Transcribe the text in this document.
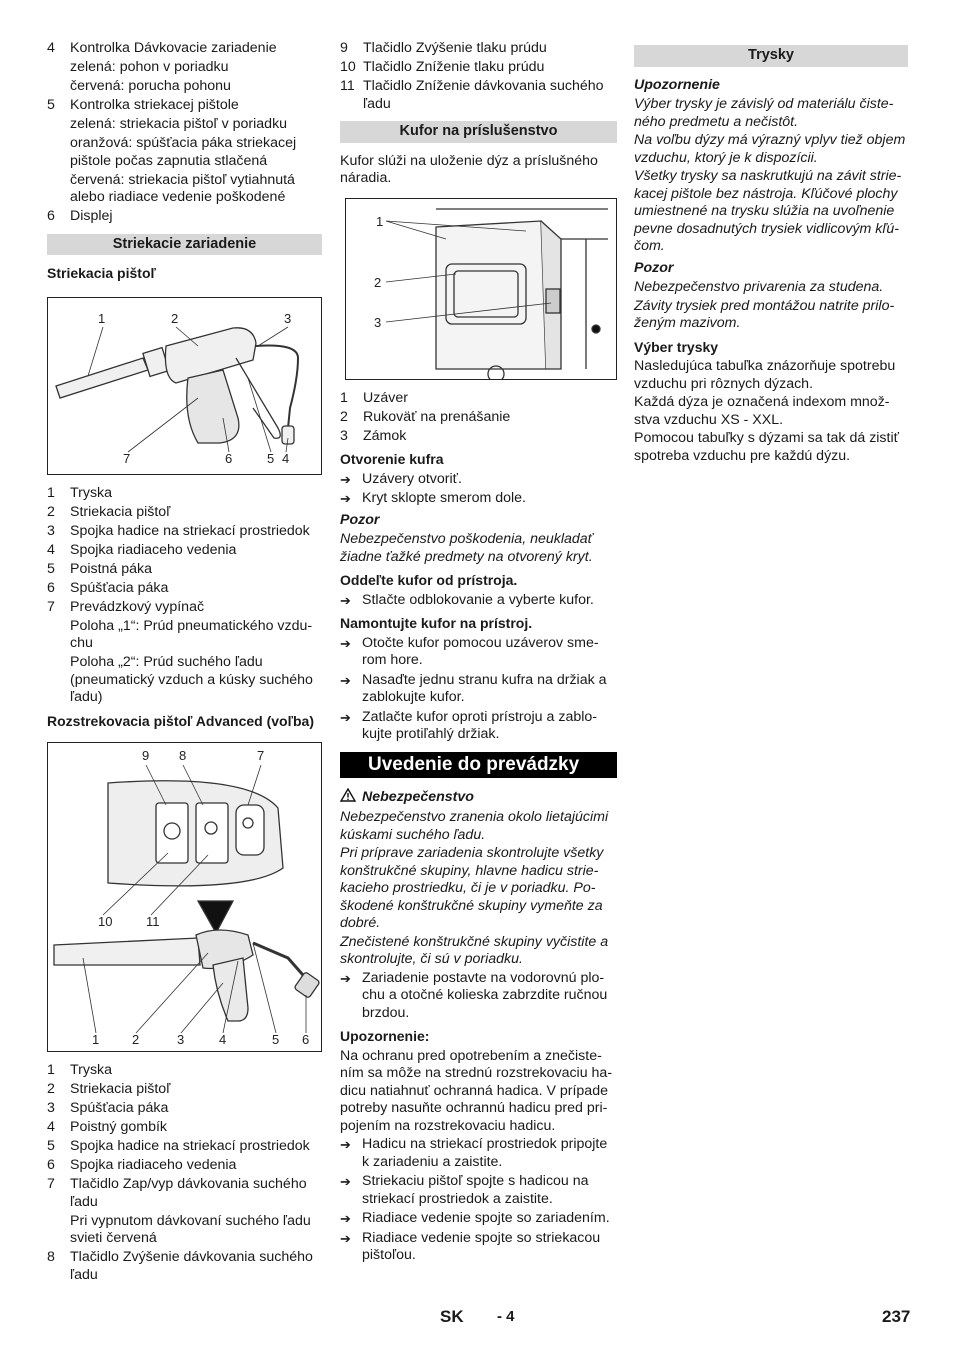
4	Kontrolka Dávkovacie zariadenie
zelená: pohon v poriadku
červená: porucha pohonu
5	Kontrolka striekacej pištole
zelená: striekacia pištoľ v poriadku
oranžová: spúšťacia páka striekacej pištole počas zapnutia stlačená
červená: striekacia pištoľ vytiahnutá alebo riadiace vedenie poškodené
6	Displej
Striekacie zariadenie
Striekacia pištoľ
1	2	3
7	6	5 4
1	Tryska
2	Striekacia pištoľ
3	Spojka hadice na striekací prostriedok
4	Spojka riadiaceho vedenia
5	Poistná páka
6	Spúšťacia páka
7	Prevádzkový vypínač
Poloha „1“: Prúd pneumatického vzdu-chu
Poloha „2“: Prúd suchého ľadu (pneumatický vzduch a kúsky suchého ľadu)
Rozstrekovacia pištoľ Advanced (voľba)
9 8	7
10	11
1	2	3	4	5 6
1	Tryska
2	Striekacia pištoľ
3	Spúšťacia páka
4	Poistný gombík
5	Spojka hadice na striekací prostriedok
6	Spojka riadiaceho vedenia
7	Tlačidlo Zap/vyp dávkovania suchého ľadu
Pri vypnutom dávkovaní suchého ľadu svieti červená
8	Tlačidlo Zvýšenie dávkovania suchého ľadu
9	Tlačidlo Zvýšenie tlaku prúdu
10 Tlačidlo Zníženie tlaku prúdu
11 Tlačidlo Zníženie dávkovania suchého ľadu
Kufor na príslušenstvo
Kufor slúži na uloženie dýz a príslušného náradia.
1
2
3
1	Uzáver
2	Rukoväť na prenášanie
3	Zámok
Otvorenie kufra
➔ Uzávery otvoriť.
➔ Kryt sklopte smerom dole.
Pozor
Nebezpečenstvo poškodenia, neukladať žiadne ťažké predmety na otvorený kryt.
Oddeľte kufor od prístroja.
➔ Stlačte odblokovanie a vyberte kufor.
Namontujte kufor na prístroj.
➔ Otočte kufor pomocou uzáverov sme-rom hore.
➔ Nasaďte jednu stranu kufra na držiak a zablokujte kufor.
➔ Zatlačte kufor oproti prístroju a zablo-kujte protiľahlý držiak.
Uvedenie do prevádzky
Nebezpečenstvo
Nebezpečenstvo zranenia okolo lietajúcimi kúskami suchého ľadu.
Pri príprave zariadenia skontrolujte všetky konštrukčné skupiny, hlavne hadicu strie-kacieho prostriedku, či je v poriadku. Po-škodené konštrukčné skupiny vymeňte za dobré.
Znečistené konštrukčné skupiny vyčistite a skontrolujte, či sú v poriadku.
➔ Zariadenie postavte na vodorovnú plo-chu a otočné kolieska zabrzdite ručnou brzdou.
Upozornenie:
Na ochranu pred opotrebením a znečiste-ním sa môže na strednú rozstrekovaciu ha-dicu natiahnuť ochranná hadica. V prípade potreby nasuňte ochrannú hadicu pred pri-pojením na rozstrekovaciu hadicu.
➔ Hadicu na striekací prostriedok pripojte k zariadeniu a zaistite.
➔ Striekaciu pištoľ spojte s hadicou na striekací prostriedok a zaistite.
➔ Riadiace vedenie spojte so zariadením.
➔ Riadiace vedenie spojte so striekacou pištoľou.
Trysky
Upozornenie
Výber trysky je závislý od materiálu čiste-ného predmetu a nečistôt.
Na voľbu dýzy má výrazný vplyv tiež objem vzduchu, ktorý je k dispozícii.
Všetky trysky sa naskrutkujú na závit strie-kacej pištole bez nástroja. Kľúčové plochy umiestnené na trysku slúžia na uvoľnenie pevne dosadnutých trysiek vidlicovým kľú-čom.
Pozor
Nebezpečenstvo privarenia za studena.
Závity trysiek pred montážou natrite prilo-ženým mazivom.
Výber trysky
Nasledujúca tabuľka znázorňuje spotrebu vzduchu pri rôznych dýzach.
Každá dýza je označená indexom množ-stva vzduchu XS - XXL.
Pomocou tabuľky s dýzami sa tak dá zistiť spotreba vzduchu pre každú dýzu.
SK - 4	237
